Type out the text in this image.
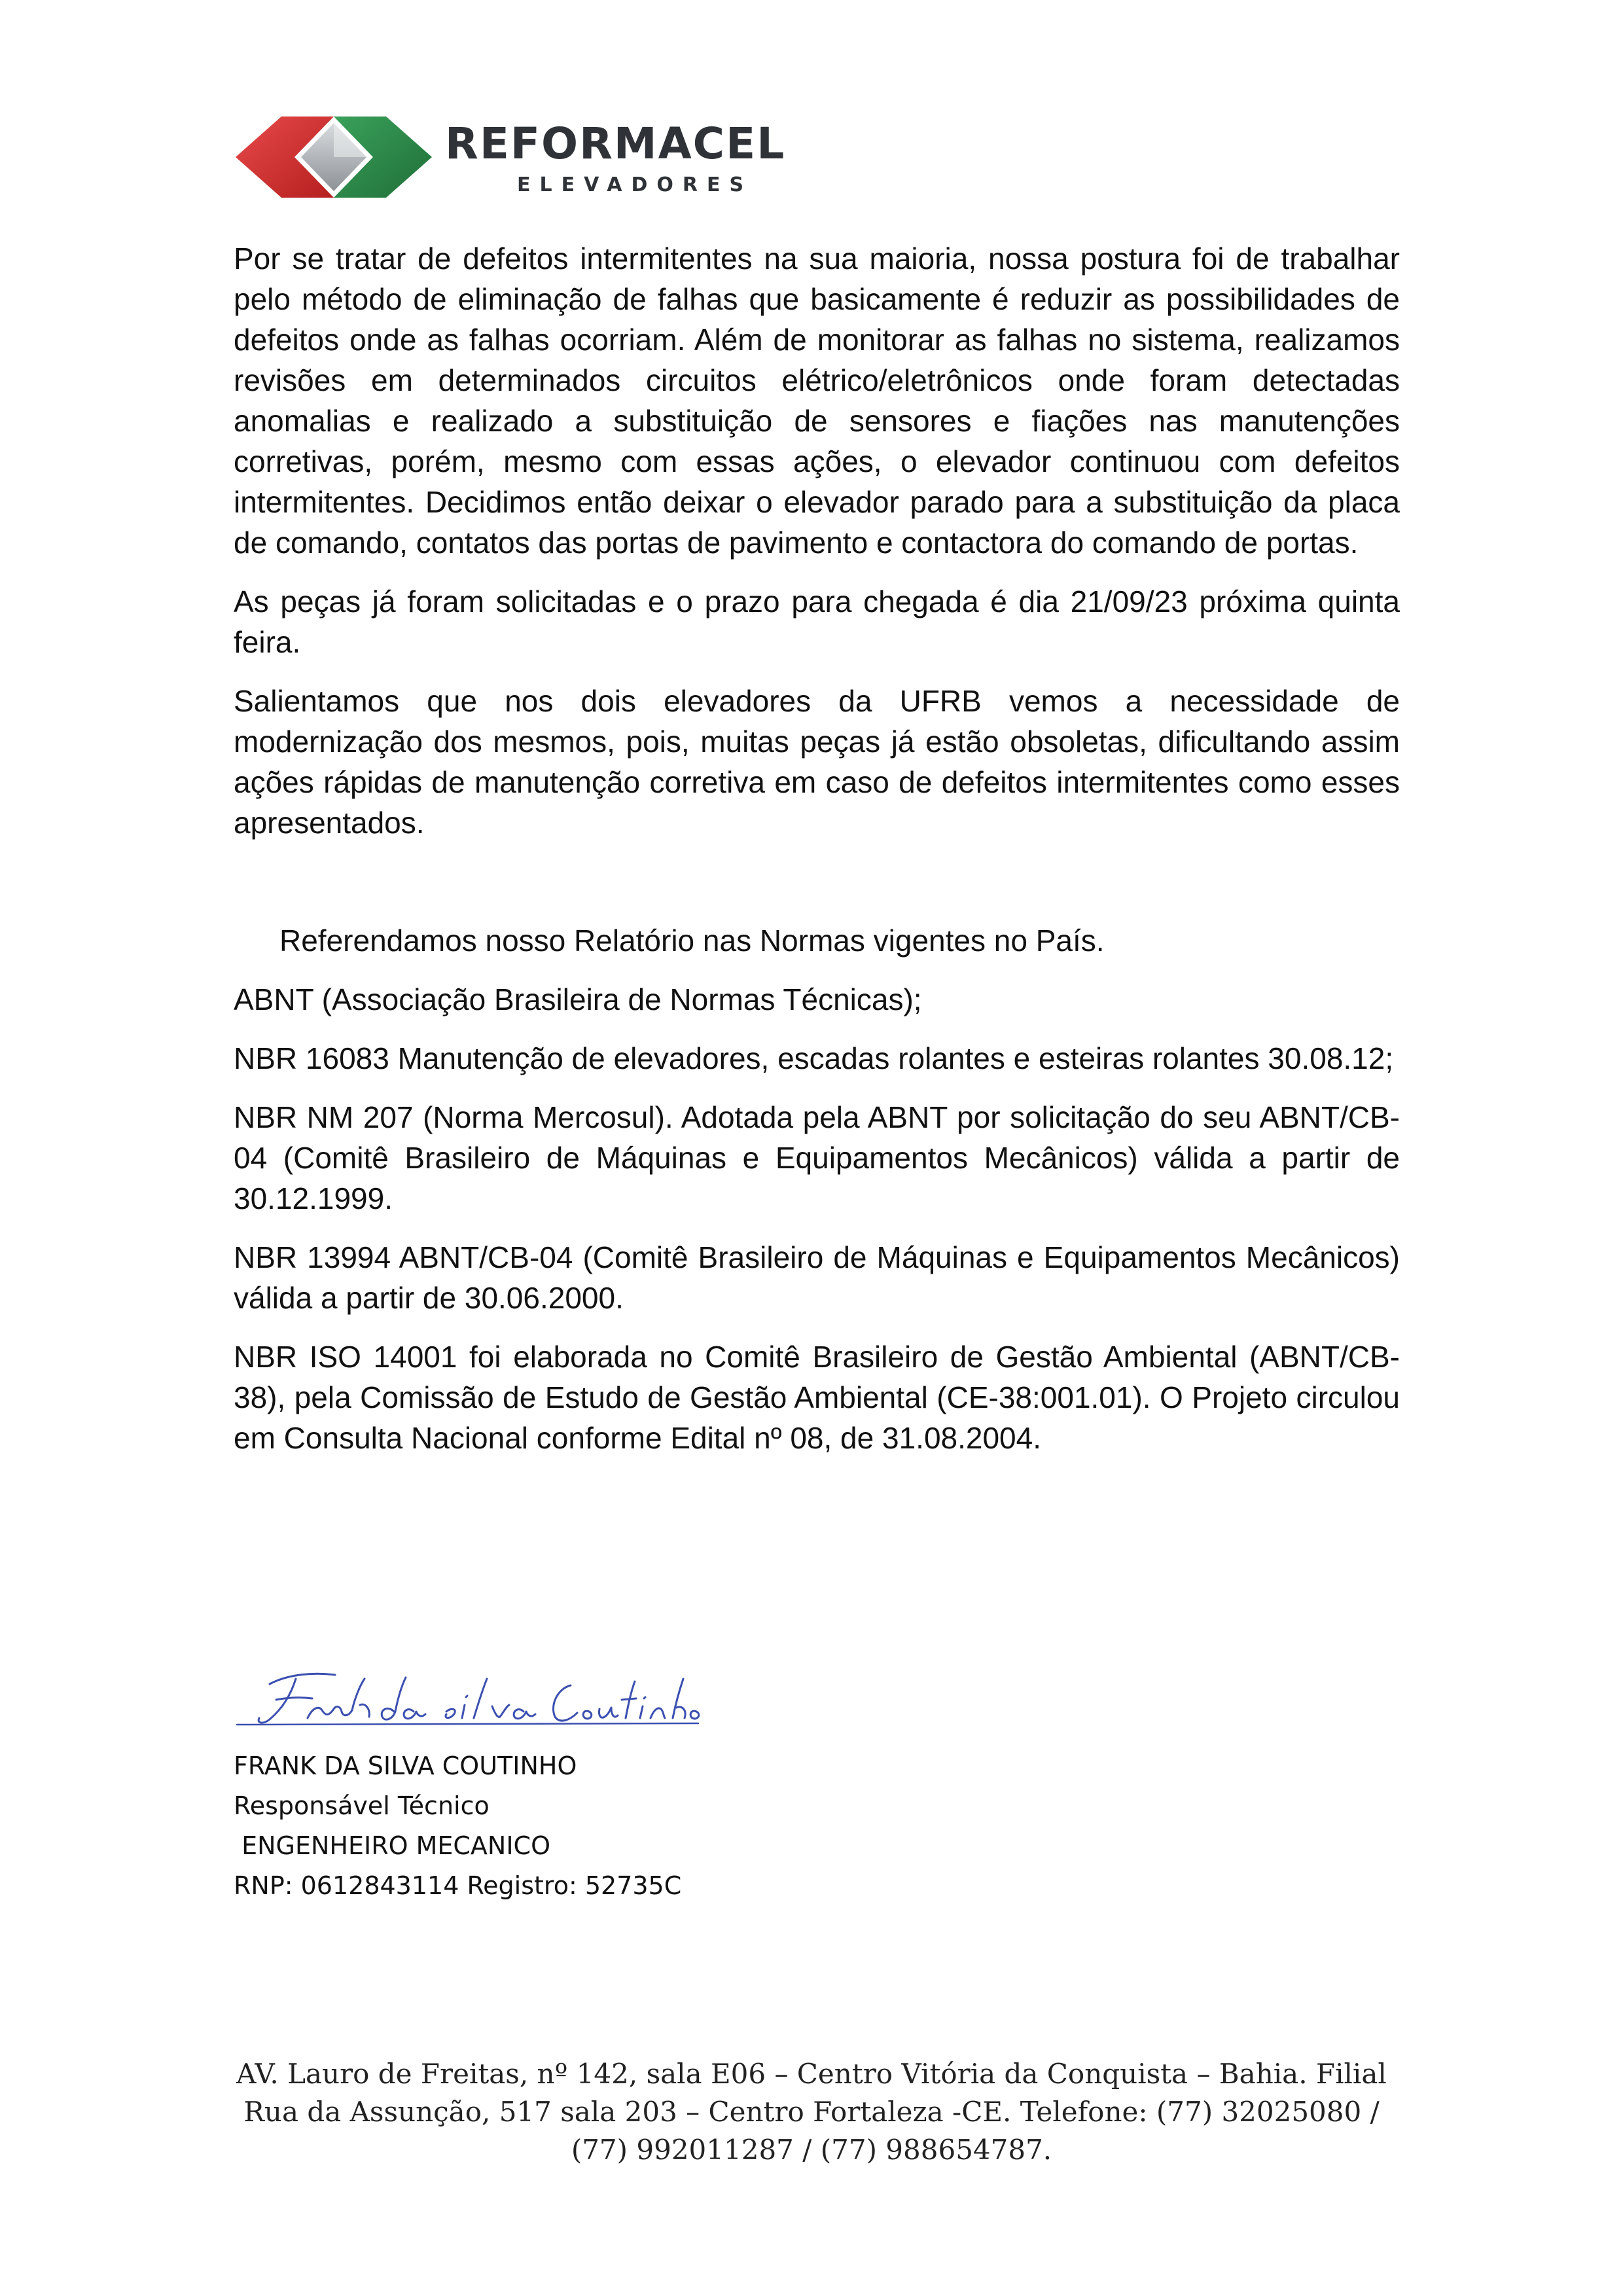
REFORMACEL
ELEVADORES

Por se tratar de defeitos intermitentes na sua maioria, nossa postura foi de trabalhar pelo método de eliminação de falhas que basicamente é reduzir as possibilidades de defeitos onde as falhas ocorriam. Além de monitorar as falhas no sistema, realizamos revisões em determinados circuitos elétrico/eletrônicos onde foram detectadas anomalias e realizado a substituição de sensores e fiações nas manutenções corretivas, porém, mesmo com essas ações, o elevador continuou com defeitos intermitentes. Decidimos então deixar o elevador parado para a substituição da placa de comando, contatos das portas de pavimento e contactora do comando de portas.

As peças já foram solicitadas e o prazo para chegada é dia 21/09/23 próxima quinta feira.

Salientamos que nos dois elevadores da UFRB vemos a necessidade de modernização dos mesmos, pois, muitas peças já estão obsoletas, dificultando assim ações rápidas de manutenção corretiva em caso de defeitos intermitentes como esses apresentados.

Referendamos nosso Relatório nas Normas vigentes no País.

ABNT (Associação Brasileira de Normas Técnicas);

NBR 16083 Manutenção de elevadores, escadas rolantes e esteiras rolantes 30.08.12;

NBR NM 207 (Norma Mercosul). Adotada pela ABNT por solicitação do seu ABNT/CB-04 (Comitê Brasileiro de Máquinas e Equipamentos Mecânicos) válida a partir de 30.12.1999.

NBR 13994 ABNT/CB-04 (Comitê Brasileiro de Máquinas e Equipamentos Mecânicos) válida a partir de 30.06.2000.

NBR ISO 14001 foi elaborada no Comitê Brasileiro de Gestão Ambiental (ABNT/CB-38), pela Comissão de Estudo de Gestão Ambiental (CE-38:001.01). O Projeto circulou em Consulta Nacional conforme Edital nº 08, de 31.08.2004.

FRANK DA SILVA COUTINHO
Responsável Técnico
ENGENHEIRO MECANICO
RNP: 0612843114 Registro: 52735C
AV. Lauro de Freitas, nº 142, sala E06 – Centro Vitória da Conquista – Bahia. Filial
Rua da Assunção, 517 sala 203 – Centro Fortaleza -CE. Telefone: (77) 32025080 /
(77) 992011287 / (77) 988654787.
